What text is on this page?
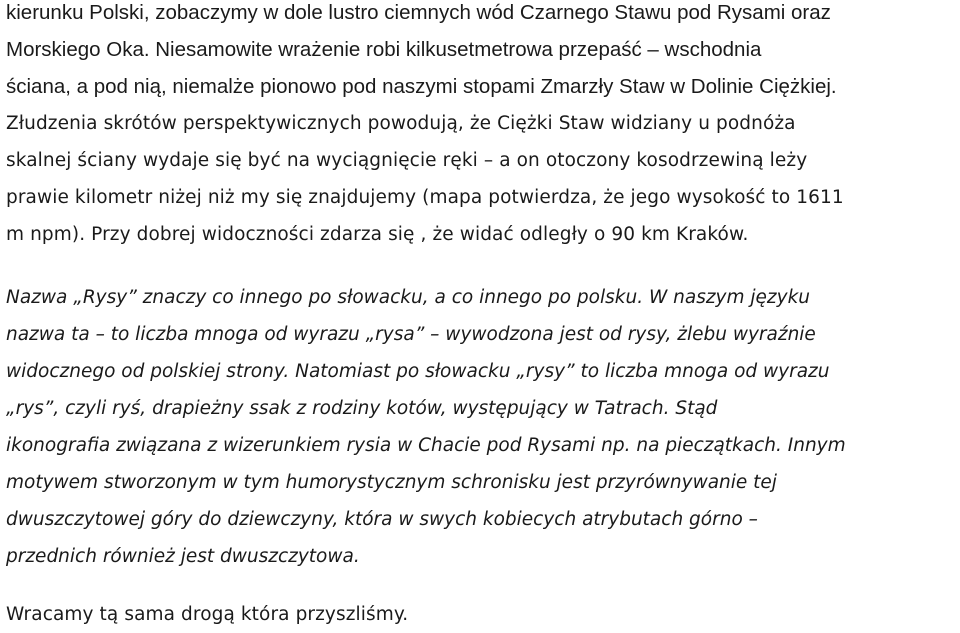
kierunku Polski, zobaczymy w dole lustro ciemnych wód Czarnego Stawu pod Rysami oraz
Morskiego Oka. Niesamowite wrażenie robi kilkusetmetrowa przepaść – wschodnia
ściana, a pod nią, niemalże pionowo pod naszymi stopami Zmarzły Staw w Dolinie Ciężkiej.
Złudzenia skrótów perspektywicznych powodują, że Ciężki Staw widziany u podnóża
skalnej ściany wydaje się być na wyciągnięcie ręki – a on otoczony kosodrzewiną leży
prawie kilometr niżej niż my się znajdujemy (mapa potwierdza, że jego wysokość to 1611
m npm). Przy dobrej widoczności zdarza się , że widać odległy o 90 km Kraków.
Nazwa „Rysy” znaczy co innego po słowacku, a co innego po polsku. W naszym języku
nazwa ta – to liczba mnoga od wyrazu „rysa” – wywodzona jest od rysy, żlebu wyraźnie
widocznego od polskiej strony. Natomiast po słowacku „rysy” to liczba mnoga od wyrazu
„rys”, czyli ryś, drapieżny ssak z rodziny kotów, występujący w Tatrach. Stąd
ikonografia związana z wizerunkiem rysia w Chacie pod Rysami np. na pieczątkach. Innym
motywem stworzonym w tym humorystycznym schronisku jest przyrównywanie tej
dwuszczytowej góry do dziewczyny, która w swych kobiecych atrybutach górno –
przednich również jest dwuszczytowa.
Wracamy tą sama drogą która przyszliśmy.
